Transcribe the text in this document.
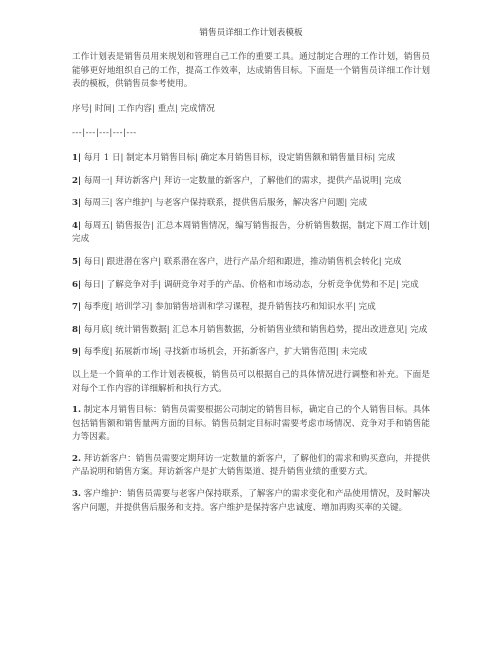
销售员详细工作计划表模板

工作计划表是销售员用来规划和管理自己工作的重要工具。通过制定合理的工作计划，销售员能够更好地组织自己的工作，提高工作效率，达成销售目标。下面是一个销售员详细工作计划表的模板，供销售员参考使用。

序号| 时间| 工作内容| 重点| 完成情况

---|---|---|---|---

1| 每月 1 日| 制定本月销售目标| 确定本月销售目标，设定销售额和销售量目标| 完成

2| 每周一| 拜访新客户| 拜访一定数量的新客户，了解他们的需求，提供产品说明| 完成

3| 每周三| 客户维护| 与老客户保持联系，提供售后服务，解决客户问题| 完成

4| 每周五| 销售报告| 汇总本周销售情况，编写销售报告，分析销售数据，制定下周工作计划| 完成

5| 每日| 跟进潜在客户| 联系潜在客户，进行产品介绍和跟进，推动销售机会转化| 完成

6| 每日| 了解竞争对手| 调研竞争对手的产品、价格和市场动态，分析竞争优势和不足| 完成

7| 每季度| 培训学习| 参加销售培训和学习课程，提升销售技巧和知识水平| 完成

8| 每月底| 统计销售数据| 汇总本月销售数据，分析销售业绩和销售趋势，提出改进意见| 完成

9| 每季度| 拓展新市场| 寻找新市场机会，开拓新客户，扩大销售范围| 未完成

以上是一个简单的工作计划表模板，销售员可以根据自己的具体情况进行调整和补充。下面是对每个工作内容的详细解析和执行方式。

1. 制定本月销售目标：销售员需要根据公司制定的销售目标，确定自己的个人销售目标。具体包括销售额和销售量两方面的目标。销售员制定目标时需要考虑市场情况、竞争对手和销售能力等因素。

2. 拜访新客户：销售员需要定期拜访一定数量的新客户，了解他们的需求和购买意向，并提供产品说明和销售方案。拜访新客户是扩大销售渠道、提升销售业绩的重要方式。

3. 客户维护：销售员需要与老客户保持联系，了解客户的需求变化和产品使用情况，及时解决客户问题，并提供售后服务和支持。客户维护是保持客户忠诚度、增加再购买率的关键。
